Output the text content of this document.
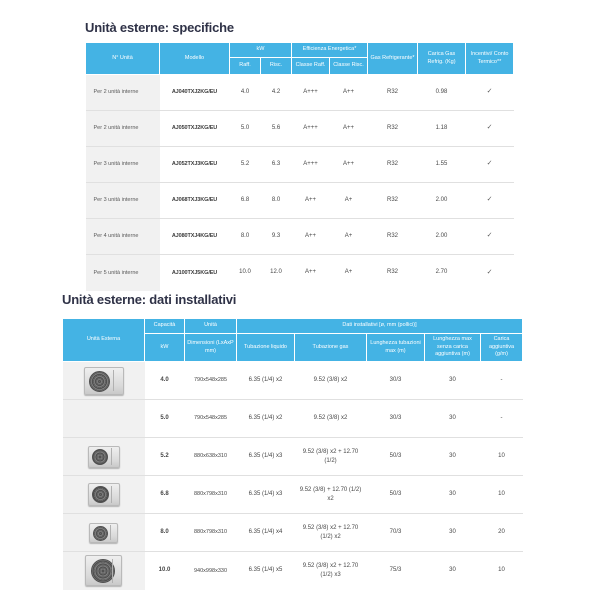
Unità esterne: specifiche
N° Unità	Modello	kW		Efficienza Energetica*		Gas Refrigerante*	Carica Gas Refrig. (Kg)	Incentivi/ Conto Termico**
		Raff.	Risc.	Classe Raff.	Classe Risc.			
Per 2 unità interne	AJ040TXJ2KG/EU	4.0	4.2	A+++	A++	R32	0.98	✓
Per 2 unità interne	AJ050TXJ2KG/EU	5.0	5.6	A+++	A++	R32	1.18	✓
Per 3 unità interne	AJ052TXJ3KG/EU	5.2	6.3	A+++	A++	R32	1.55	✓
Per 3 unità interne	AJ068TXJ3KG/EU	6.8	8.0	A++	A+	R32	2.00	✓
Per 4 unità interne	AJ080TXJ4KG/EU	8.0	9.3	A++	A+	R32	2.00	✓
Per 5 unità interne	AJ100TXJ5KG/EU	10.0	12.0	A++	A+	R32	2.70	✓
Unità esterne: dati installativi
Unità Esterna	Capacità	Unità	Dati installativi [ø, mm (pollici)]				
	kW	Dimensioni (LxAxP mm)	Tubazione liquido	Tubazione gas	Lunghezza tubazioni max (m)	Lunghezza max senza carica aggiuntiva (m)	Carica aggiuntiva (g/m)

	4.0	790x548x285	6.35 (1/4) x2	9.52 (3/8) x2	30/3	30	-
	5.0	790x548x285	6.35 (1/4) x2	9.52 (3/8) x2	30/3	30	-

	5.2	880x638x310	6.35 (1/4) x3	9.52 (3/8) x2 + 12.70 (1/2)	50/3	30	10

	6.8	880x798x310	6.35 (1/4) x3	9.52 (3/8) + 12.70 (1/2) x2	50/3	30	10

	8.0	880x798x310	6.35 (1/4) x4	9.52 (3/8) x2 + 12.70 (1/2) x2	70/3	30	20

	10.0	940x998x330	6.35 (1/4) x5	9.52 (3/8) x2 + 12.70 (1/2) x3	75/3	30	10
